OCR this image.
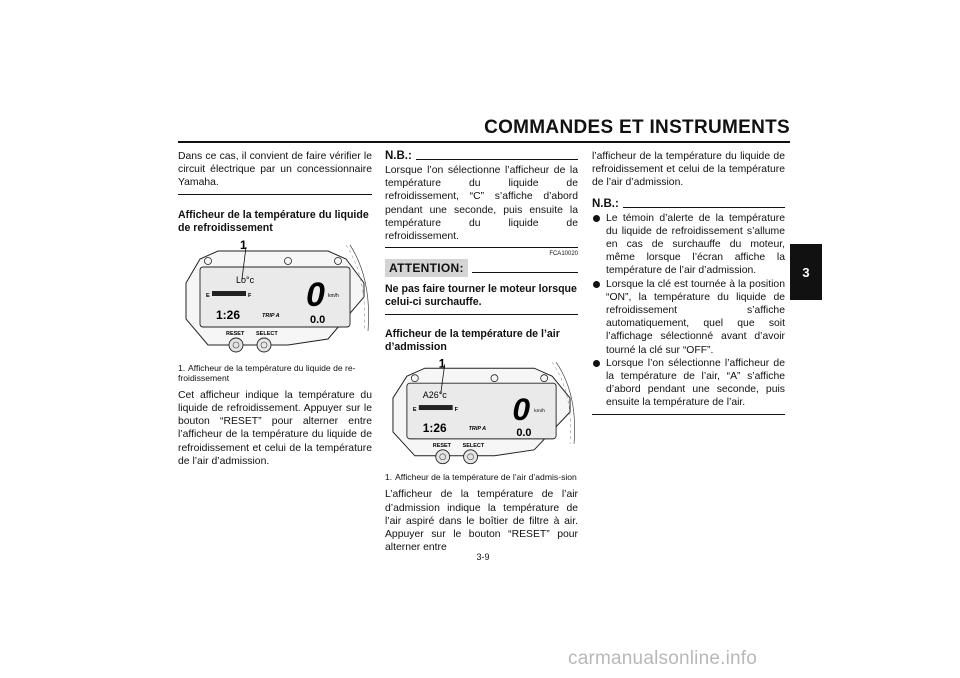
COMMANDES ET INSTRUMENTS
3
Dans ce cas, il convient de faire vérifier le circuit électrique par un concessionnaire Yamaha.
Afficheur de la température du liquide de refroidissement
1
Lo°c
E	F 0 km/h
1:26	TRIP A	0.0
RESET SELECT
1. Afficheur de la température du liquide de re-froidissement
Cet afficheur indique la température du liquide de refroidissement. Appuyer sur le bouton “RESET” pour alterner entre l’afficheur de la température du liquide de refroidissement et celui de la température de l’air d’admission.
N.B.:
Lorsque l’on sélectionne l’afficheur de la température du liquide de refroidissement, “C” s’affiche d’abord pendant une seconde, puis ensuite la température du liquide de refroidissement.
FCA10020
ATTENTION:
Ne pas faire tourner le moteur lorsque celui-ci surchauffe.
Afficheur de la température de l’air d’admission
1
A26°c
E	F 0 km/h
1:26	TRIP A	0.0
RESET SELECT
1. Afficheur de la température de l’air d’admis-sion
L’afficheur de la température de l’air d’admission indique la température de l’air aspiré dans le boîtier de filtre à air. Appuyer sur le bouton “RESET” pour alterner entre
l’afficheur de la température du liquide de refroidissement et celui de la température de l’air d’admission.
N.B.:
Le témoin d’alerte de la température du liquide de refroidissement s’allume en cas de surchauffe du moteur, même lorsque l’écran affiche la température de l’air d’admission.
Lorsque la clé est tournée à la position “ON”, la température du liquide de refroidissement s’affiche automatiquement, quel que soit l’affichage sélectionné avant d’avoir tourné la clé sur “OFF”.
Lorsque l’on sélectionne l’afficheur de la température de l’air, “A” s’affiche d’abord pendant une seconde, puis ensuite la température de l’air.
3-9
carmanualsonline.info
